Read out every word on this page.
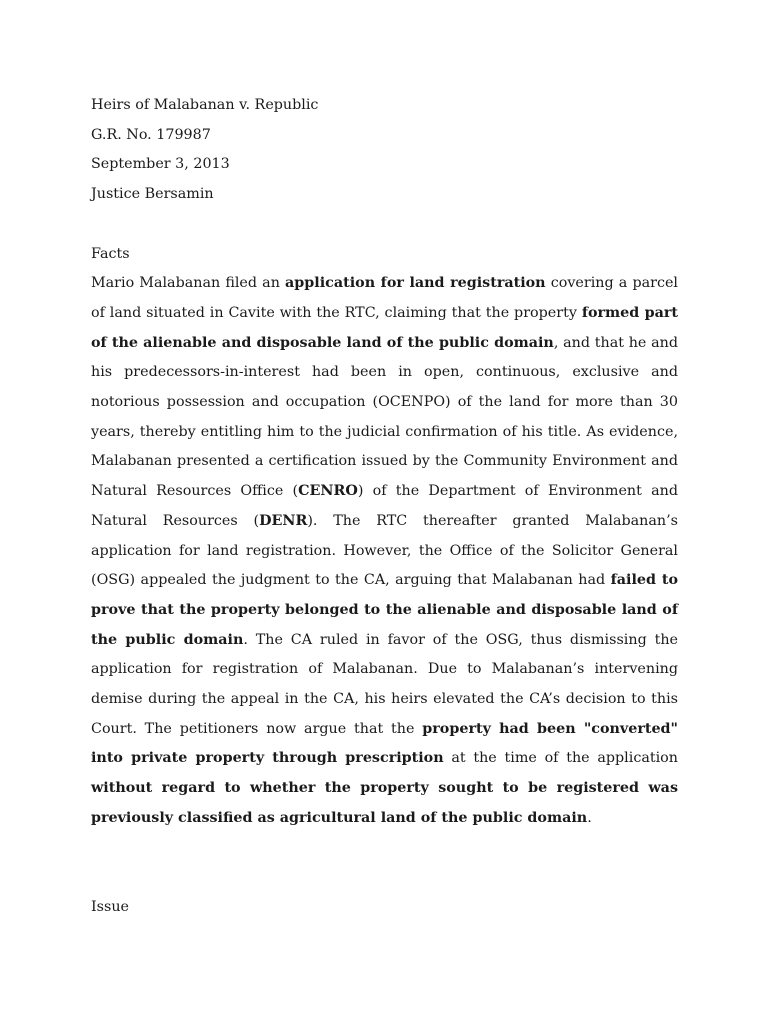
Heirs of Malabanan v. Republic

G.R. No. 179987

September 3, 2013

Justice Bersamin

Facts

Mario Malabanan filed an application for land registration covering a parcel of land situated in Cavite with the RTC, claiming that the property formed part of the alienable and disposable land of the public domain, and that he and his predecessors-in-interest had been in open, continuous, exclusive and notorious possession and occupation (OCENPO) of the land for more than 30 years, thereby entitling him to the judicial confirmation of his title. As evidence, Malabanan presented a certification issued by the Community Environment and Natural Resources Office (CENRO) of the Department of Environment and Natural Resources (DENR). The RTC thereafter granted Malabanan’s application for land registration. However, the Office of the Solicitor General (OSG) appealed the judgment to the CA, arguing that Malabanan had failed to prove that the property belonged to the alienable and disposable land of the public domain. The CA ruled in favor of the OSG, thus dismissing the application for registration of Malabanan. Due to Malabanan’s intervening demise during the appeal in the CA, his heirs elevated the CA’s decision to this Court. The petitioners now argue that the property had been "converted" into private property through prescription at the time of the application without regard to whether the property sought to be registered was previously classified as agricultural land of the public domain.

Issue
